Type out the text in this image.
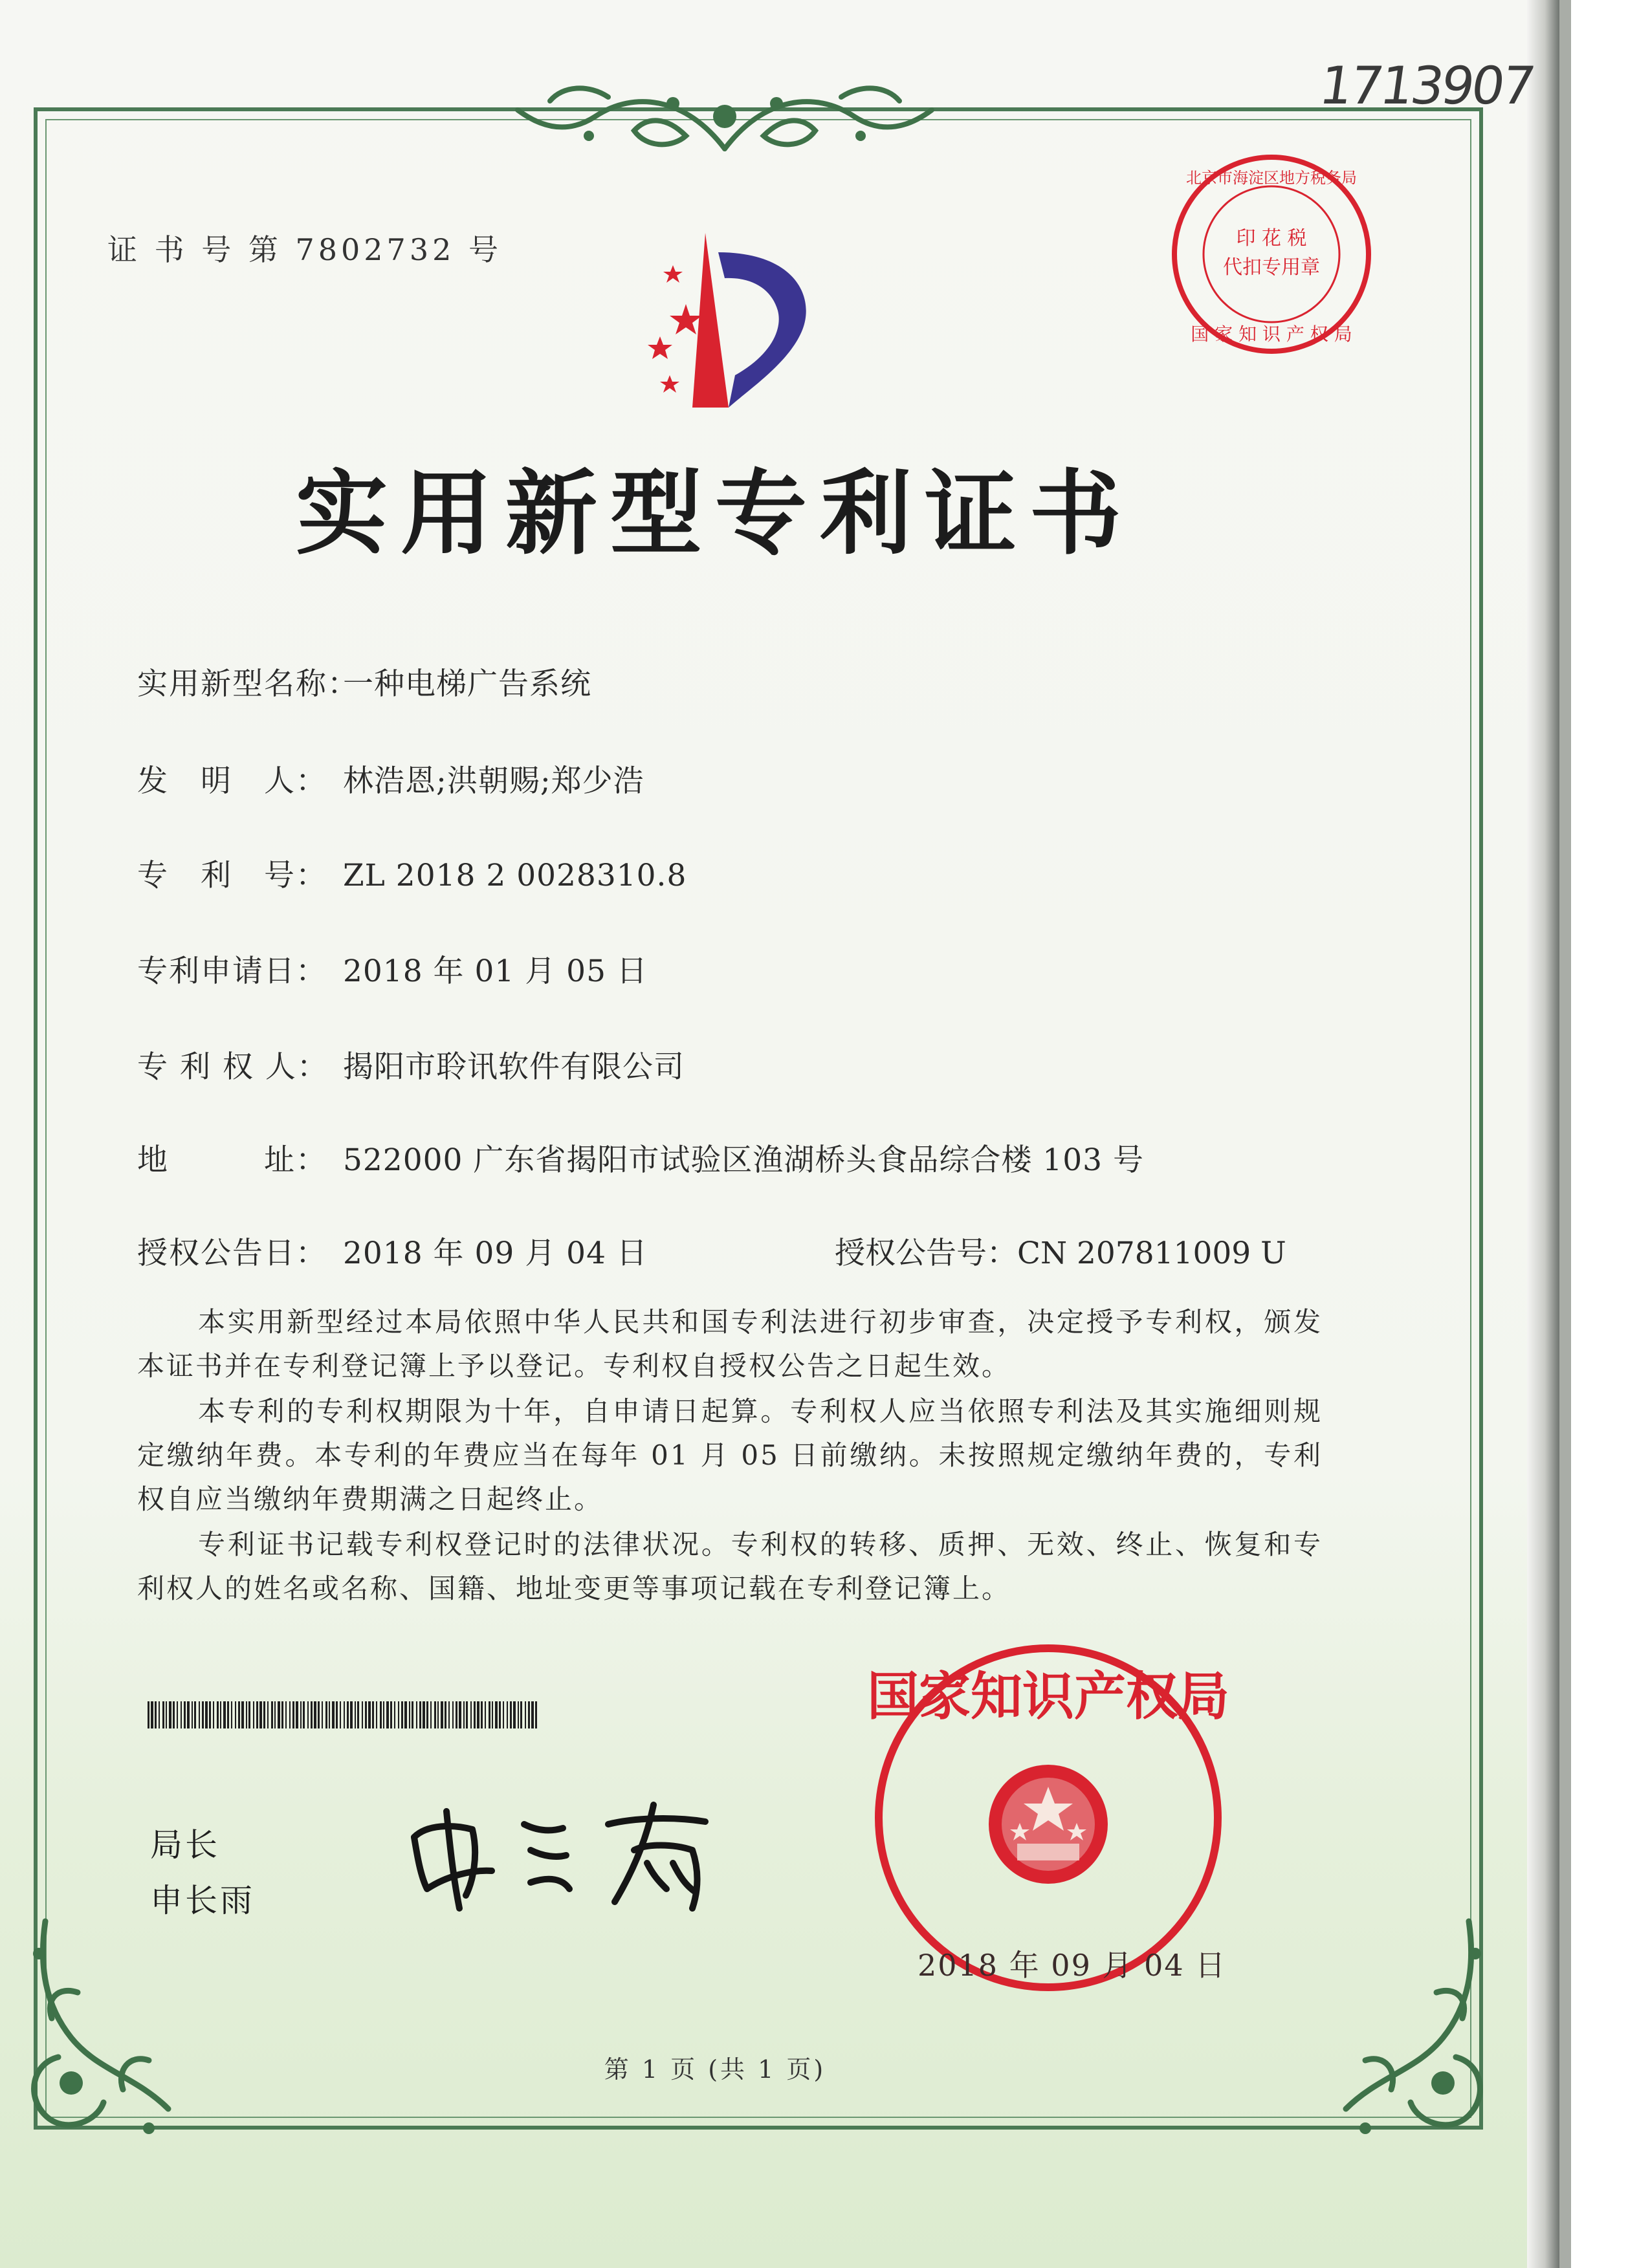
1713907
证 书 号 第 7802732 号	印 花 税
代扣专用章
北京市海淀区地方税务局
国 家 知 识 产 权 局
实用新型专利证书
实用新型名称：一种电梯广告系统
发　明　人： 林浩恩;洪朝赐;郑少浩
专　利　号： ZL 2018 2 0028310.8
专利申请日： 2018 年 01 月 05 日
专 利 权 人： 揭阳市聆讯软件有限公司
地　　　址： 522000 广东省揭阳市试验区渔湖桥头食品综合楼 103 号
授权公告日： 2018 年 09 月 04 日	授权公告号：CN 207811009 U
本实用新型经过本局依照中华人民共和国专利法进行初步审查，决定授予专利权，颁发本证书并在专利登记簿上予以登记。专利权自授权公告之日起生效。
本专利的专利权期限为十年，自申请日起算。专利权人应当依照专利法及其实施细则规定缴纳年费。本专利的年费应当在每年 01 月 05 日前缴纳。未按照规定缴纳年费的，专利权自应当缴纳年费期满之日起终止。
专利证书记载专利权登记时的法律状况。专利权的转移、质押、无效、终止、恢复和专利权人的姓名或名称、国籍、地址变更等事项记载在专利登记簿上。
局长
申长雨
国家知识产权局
2018 年 09 月 04 日
第 1 页 (共 1 页)
